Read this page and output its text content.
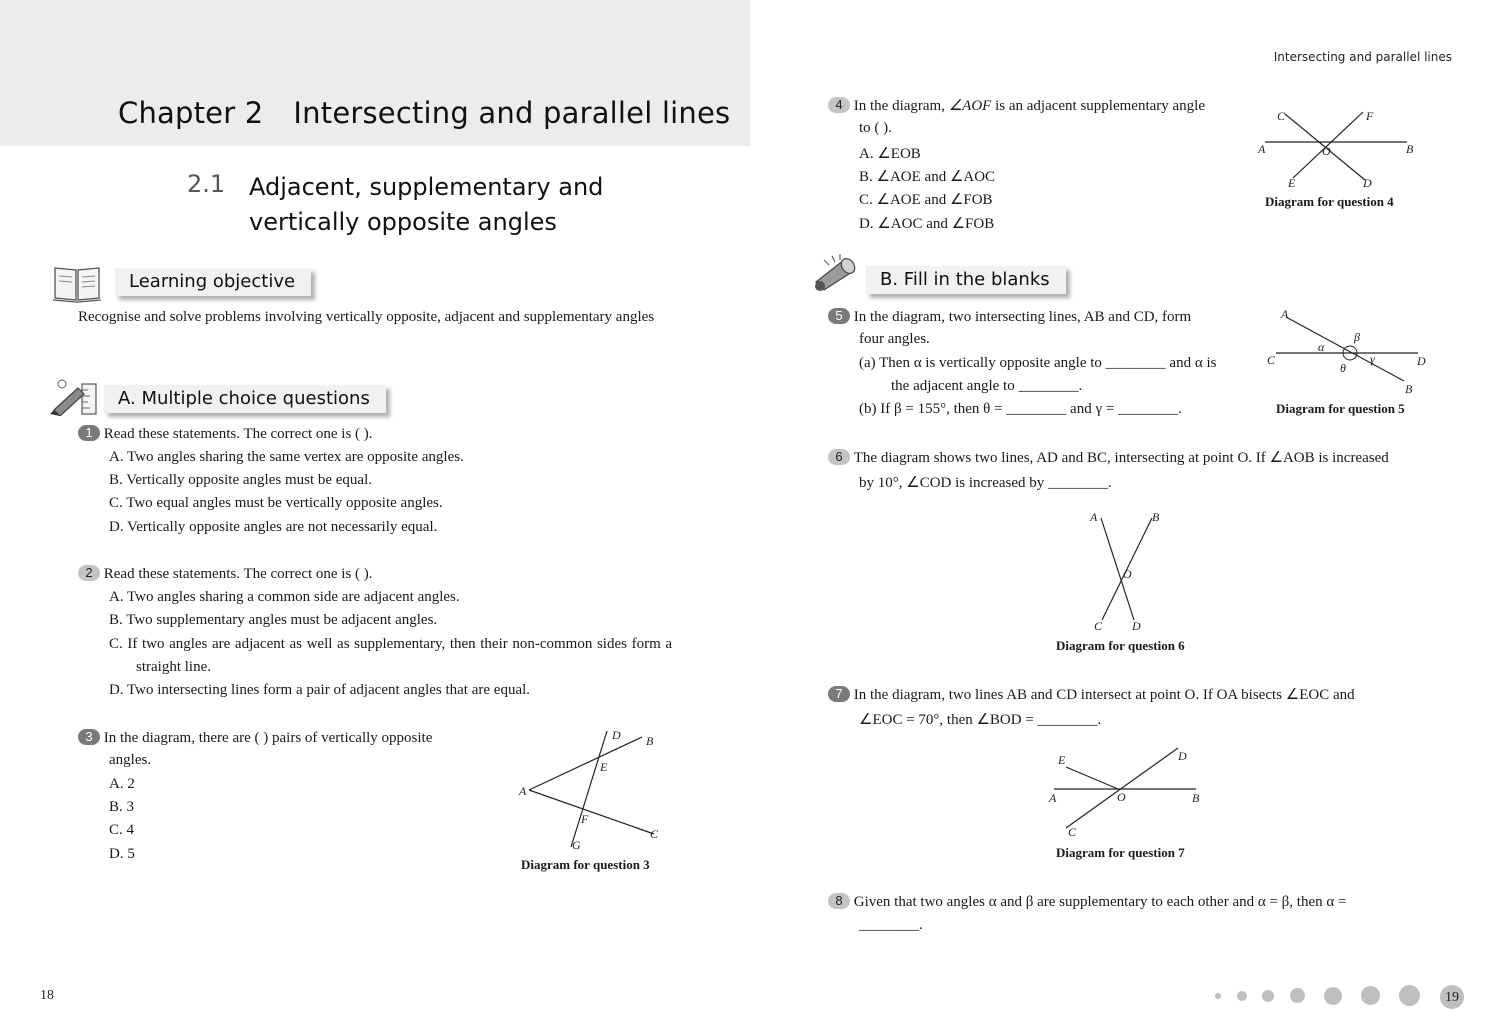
Chapter 2 Intersecting and parallel lines
2.1 Adjacent, supplementary and
vertically opposite angles
Learning objective
Recognise and solve problems involving vertically opposite, adjacent and supplementary angles
A. Multiple choice questions
1 Read these statements. The correct one is ( ).
A. Two angles sharing the same vertex are opposite angles.
B. Vertically opposite angles must be equal.
C. Two equal angles must be vertically opposite angles.
D. Vertically opposite angles are not necessarily equal.
2 Read these statements. The correct one is ( ).
A. Two angles sharing a common side are adjacent angles.
B. Two supplementary angles must be adjacent angles.
C. If two angles are adjacent as well as supplementary, then their non-common sides form a straight line.
D. Two intersecting lines form a pair of adjacent angles that are equal.
3 In the diagram, there are ( ) pairs of vertically opposite
angles.
A. 2
B. 3
C. 4
D. 5
D B
E
A
F
C
G
Diagram for question 3
18
Intersecting and parallel lines
4 In the diagram, ∠AOF is an adjacent supplementary angle
to ( ).
A. ∠EOB
B. ∠AOE and ∠AOC
C. ∠AOE and ∠FOB
D. ∠AOC and ∠FOB
C	F
A	O	B
E	D
Diagram for question 4
B. Fill in the blanks
5 In the diagram, two intersecting lines, AB and CD, form
four angles.
(a) Then α is vertically opposite angle to ________ and α is
the adjacent angle to ________.
(b) If β = 155°, then θ = ________ and γ = ________.
A
β
α
γ
C	D
θ
B
Diagram for question 5
6 The diagram shows two lines, AD and BC, intersecting at point O. If ∠AOB is increased
by 10°, ∠COD is increased by ________.
A	B
O
C D
Diagram for question 6
7 In the diagram, two lines AB and CD intersect at point O. If OA bisects ∠EOC and
∠EOC = 70°, then ∠BOD = ________.
E	D
A	O	B
C
Diagram for question 7
8 Given that two angles α and β are supplementary to each other and α = β, then α =
________.
19
